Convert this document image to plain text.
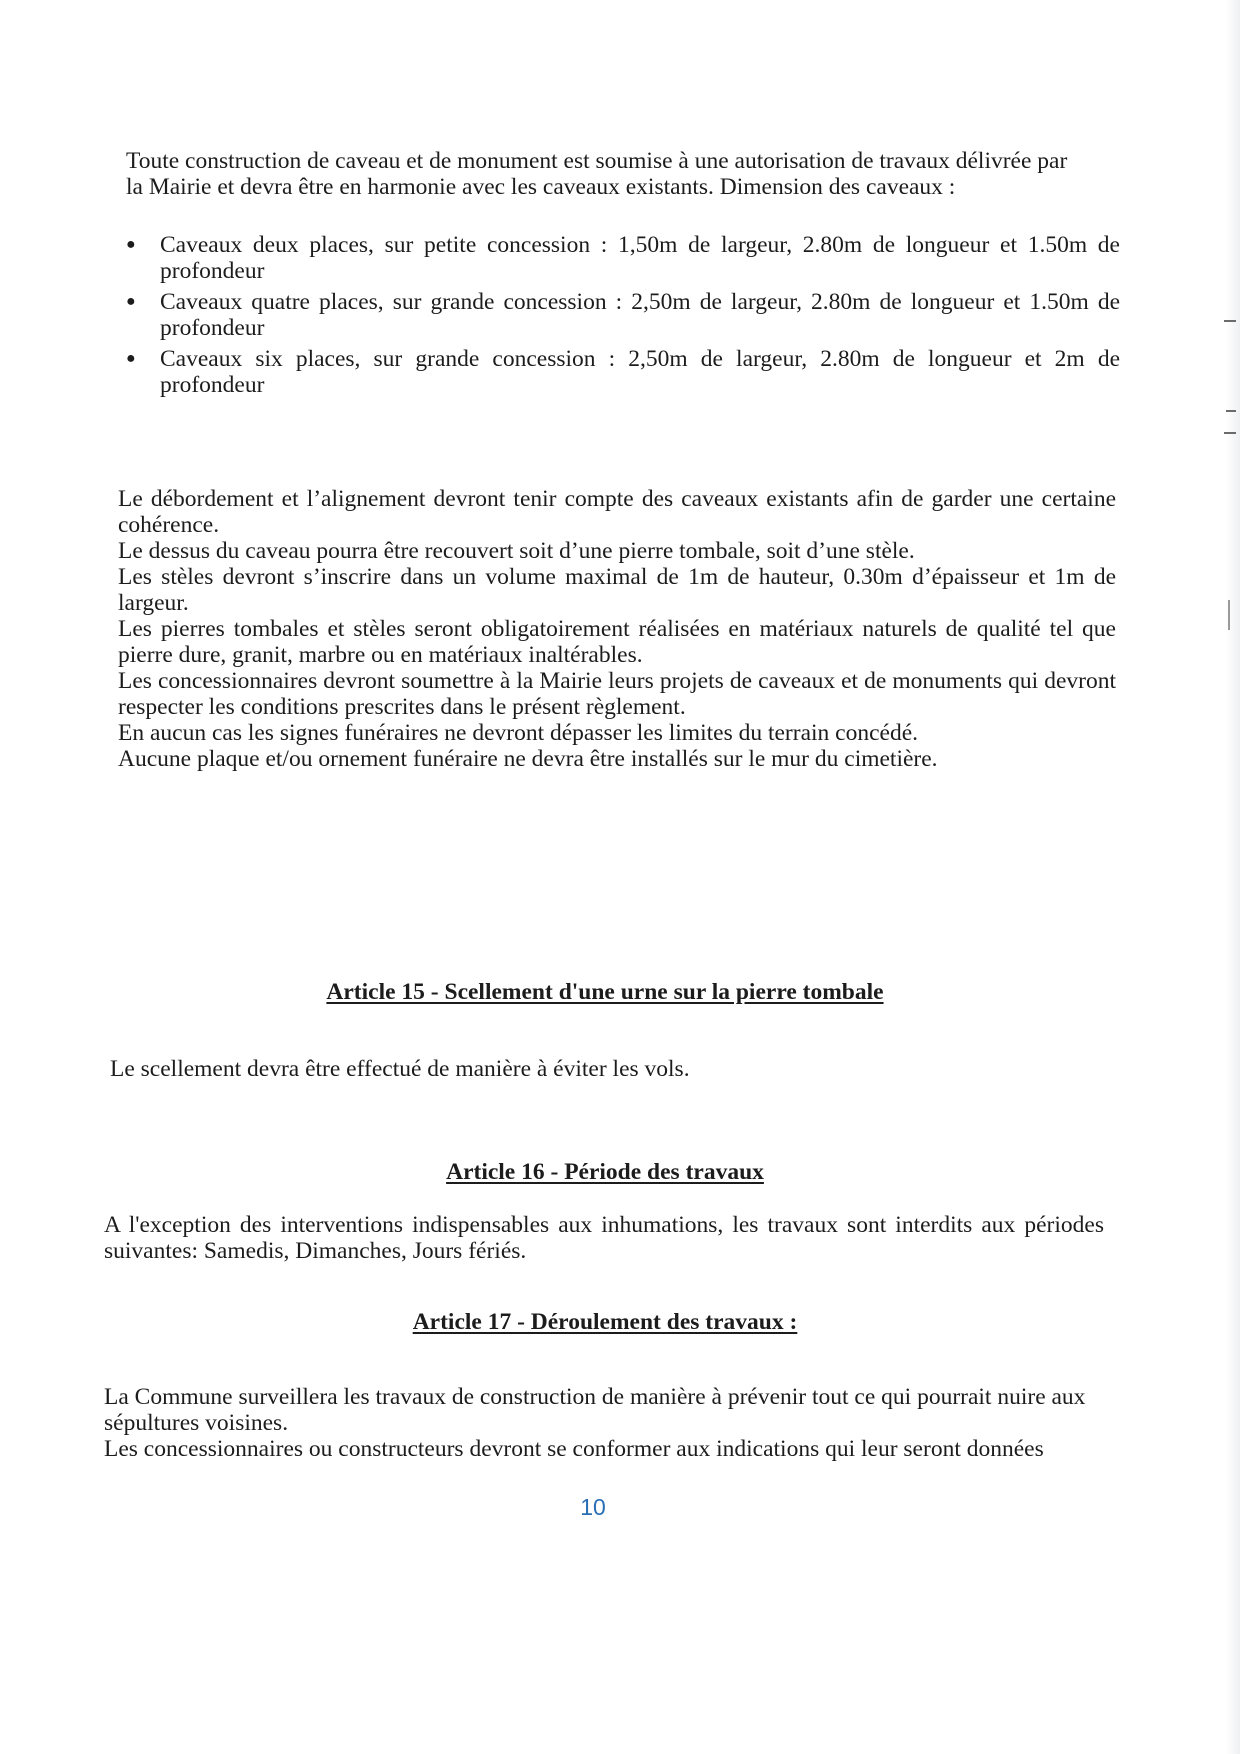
Toute construction de caveau et de monument est soumise à une autorisation de travaux délivrée par

la Mairie et devra être en harmonie avec les caveaux existants. Dimension des caveaux :

● Caveaux deux places, sur petite concession : 1,50m de largeur, 2.80m de longueur et 1.50m de profondeur
● Caveaux quatre places, sur grande concession : 2,50m de largeur, 2.80m de longueur et 1.50m de profondeur
● Caveaux six places, sur grande concession : 2,50m de largeur, 2.80m de longueur et 2m de profondeur

Le débordement et l’alignement devront tenir compte des caveaux existants afin de garder une certaine cohérence.

Le dessus du caveau pourra être recouvert soit d’une pierre tombale, soit d’une stèle.

Les stèles devront s’inscrire dans un volume maximal de 1m de hauteur, 0.30m d’épaisseur et 1m de largeur.

Les pierres tombales et stèles seront obligatoirement réalisées en matériaux naturels de qualité tel que pierre dure, granit, marbre ou en matériaux inaltérables.

Les concessionnaires devront soumettre à la Mairie leurs projets de caveaux et de monuments qui devront respecter les conditions prescrites dans le présent règlement.

En aucun cas les signes funéraires ne devront dépasser les limites du terrain concédé.

Aucune plaque et/ou ornement funéraire ne devra être installés sur le mur du cimetière.

Article 15 - Scellement d'une urne sur la pierre tombale

Le scellement devra être effectué de manière à éviter les vols.

Article 16 - Période des travaux

A l'exception des interventions indispensables aux inhumations, les travaux sont interdits aux périodes suivantes: Samedis, Dimanches, Jours fériés.

Article 17 - Déroulement des travaux :

La Commune surveillera les travaux de construction de manière à prévenir tout ce qui pourrait nuire aux sépultures voisines.

Les concessionnaires ou constructeurs devront se conformer aux indications qui leur seront données

10
